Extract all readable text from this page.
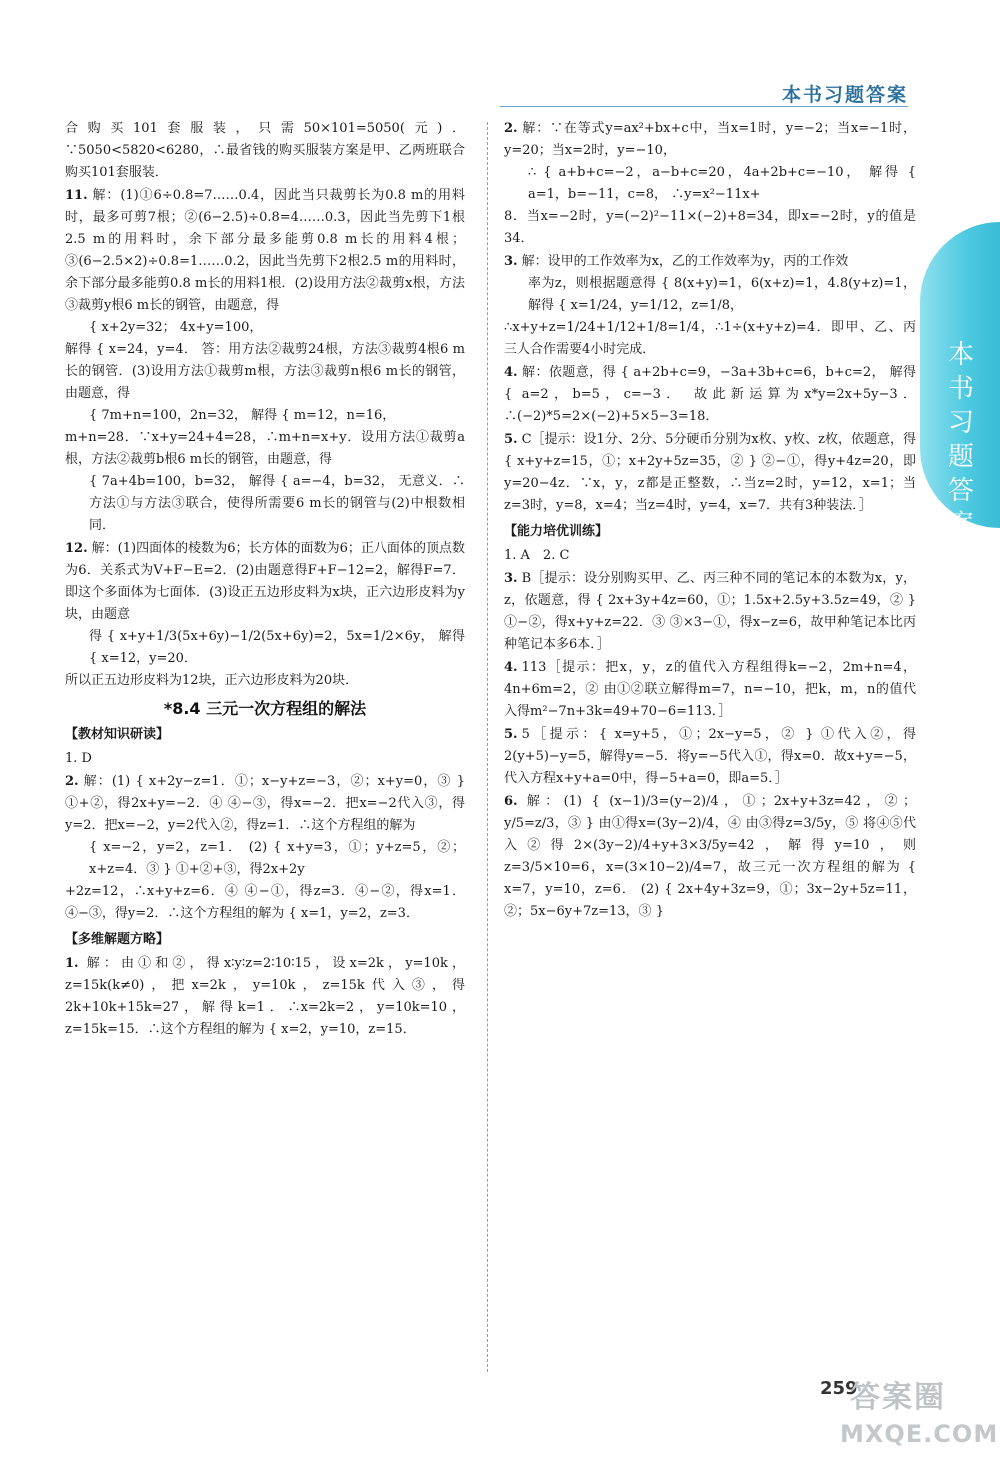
本书习题答案
本书习题答案

合购买101套服装，只需50×101=5050(元)．∵5050<5820<6280，∴最省钱的购买服装方案是甲、乙两班联合购买101套服装．

11. 解：(1)①6÷0.8=7……0.4，因此当只裁剪长为0.8 m的用料时，最多可剪7根；②(6−2.5)÷0.8=4……0.3，因此当先剪下1根2.5 m的用料时，余下部分最多能剪0.8 m长的用料4根；③(6−2.5×2)÷0.8=1……0.2，因此当先剪下2根2.5 m的用料时，余下部分最多能剪0.8 m长的用料1根．(2)设用方法②裁剪x根，方法③裁剪y根6 m长的钢管，由题意，得
{ x+2y=32； 4x+y=100，
解得 { x=24，y=4． 答：用方法②裁剪24根，方法③裁剪4根6 m长的钢管．(3)设用方法①裁剪m根，方法③裁剪n根6 m长的钢管，由题意，得
{ 7m+n=100，2n=32， 解得 { m=12，n=16，
m+n=28．∵x+y=24+4=28，∴m+n=x+y．设用方法①裁剪a根，方法②裁剪b根6 m长的钢管，由题意，得
{ 7a+4b=100，b=32， 解得 { a=−4，b=32， 无意义．∴方法①与方法③联合，使得所需要6 m长的钢管与(2)中根数相同．

12. 解：(1)四面体的棱数为6；长方体的面数为6；正八面体的顶点数为6．关系式为V+F−E=2．(2)由题意得F+F−12=2，解得F=7．即这个多面体为七面体．(3)设正五边形皮料为x块，正六边形皮料为y块，由题意
得 { x+y+1/3(5x+6y)−1/2(5x+6y)=2，5x=1/2×6y， 解得 { x=12，y=20．
所以正五边形皮料为12块，正六边形皮料为20块．

*8.4 三元一次方程组的解法
【教材知识研读】

1. D

2. 解：(1) { x+2y−z=1．①；x−y+z=−3，②；x+y=0，③ } ①+②，得2x+y=−2．④ ④−③，得x=−2．把x=−2代入③，得y=2．把x=−2，y=2代入②，得z=1．∴这个方程组的解为
{ x=−2，y=2，z=1． (2) { x+y=3，①；y+z=5，②；x+z=4．③ } ①+②+③，得2x+2y
+2z=12，∴x+y+z=6．④ ④−①，得z=3．④−②，得x=1．④−③，得y=2．∴这个方程组的解为 { x=1，y=2，z=3．

【多维解题方略】

1. 解：由①和②，得x∶y∶z=2∶10∶15，设x=2k，y=10k，z=15k(k≠0)，把x=2k，y=10k，z=15k代入③，得2k+10k+15k=27，解得k=1．∴x=2k=2，y=10k=10，z=15k=15．∴这个方程组的解为 { x=2，y=10，z=15．

2. 解：∵在等式y=ax²+bx+c中，当x=1时，y=−2；当x=−1时，y=20；当x=2时，y=−10，
∴ { a+b+c=−2，a−b+c=20，4a+2b+c=−10， 解得 { a=1，b=−11，c=8， ∴y=x²−11x+
8．当x=−2时，y=(−2)²−11×(−2)+8=34，即x=−2时，y的值是34．

3. 解：设甲的工作效率为x，乙的工作效率为y，丙的工作效
率为z，则根据题意得 { 8(x+y)=1，6(x+z)=1，4.8(y+z)=1， 解得 { x=1/24，y=1/12，z=1/8，
∴x+y+z=1/24+1/12+1/8=1/4，∴1÷(x+y+z)=4．即甲、乙、丙三人合作需要4小时完成．

4. 解：依题意，得 { a+2b+c=9，−3a+3b+c=6，b+c=2， 解得 { a=2，b=5，c=−3． 故此新运算为x*y=2x+5y−3．∴(−2)*5=2×(−2)+5×5−3=18．

5. C［提示：设1分、2分、5分硬币分别为x枚、y枚、z枚，依题意，得 { x+y+z=15，①；x+2y+5z=35，② } ②−①，得y+4z=20，即y=20−4z．∵x，y，z都是正整数，∴当z=2时，y=12，x=1；当z=3时，y=8，x=4；当z=4时，y=4，x=7．共有3种装法．］

【能力培优训练】

1. A　2. C

3. B［提示：设分别购买甲、乙、丙三种不同的笔记本的本数为x，y，z，依题意，得 { 2x+3y+4z=60，①；1.5x+2.5y+3.5z=49，② } ①−②，得x+y+z=22．③ ③×3−①，得x−z=6，故甲种笔记本比丙种笔记本多6本．］

4. 113［提示：把x，y，z的值代入方程组得k=−2，2m+n=4，4n+6m=2，② 由①②联立解得m=7，n=−10，把k，m，n的值代入得m²−7n+3k=49+70−6=113．］

5. 5［提示：{ x=y+5，①；2x−y=5，② } ①代入②，得2(y+5)−y=5，解得y=−5．将y=−5代入①，得x=0．故x+y=−5，代入方程x+y+a=0中，得−5+a=0，即a=5．］

6. 解：(1) { (x−1)/3=(y−2)/4，①；2x+y+3z=42，②；y/5=z/3，③ } 由①得x=(3y−2)/4，④ 由③得z=3/5y，⑤ 将④⑤代入②得2×(3y−2)/4+y+3×3/5y=42，解得y=10，则z=3/5×10=6，x=(3×10−2)/4=7，故三元一次方程组的解为 { x=7，y=10，z=6． (2) { 2x+4y+3z=9，①；3x−2y+5z=11，②；5x−6y+7z=13，③ }

259
答案圈
MXQE.COM
